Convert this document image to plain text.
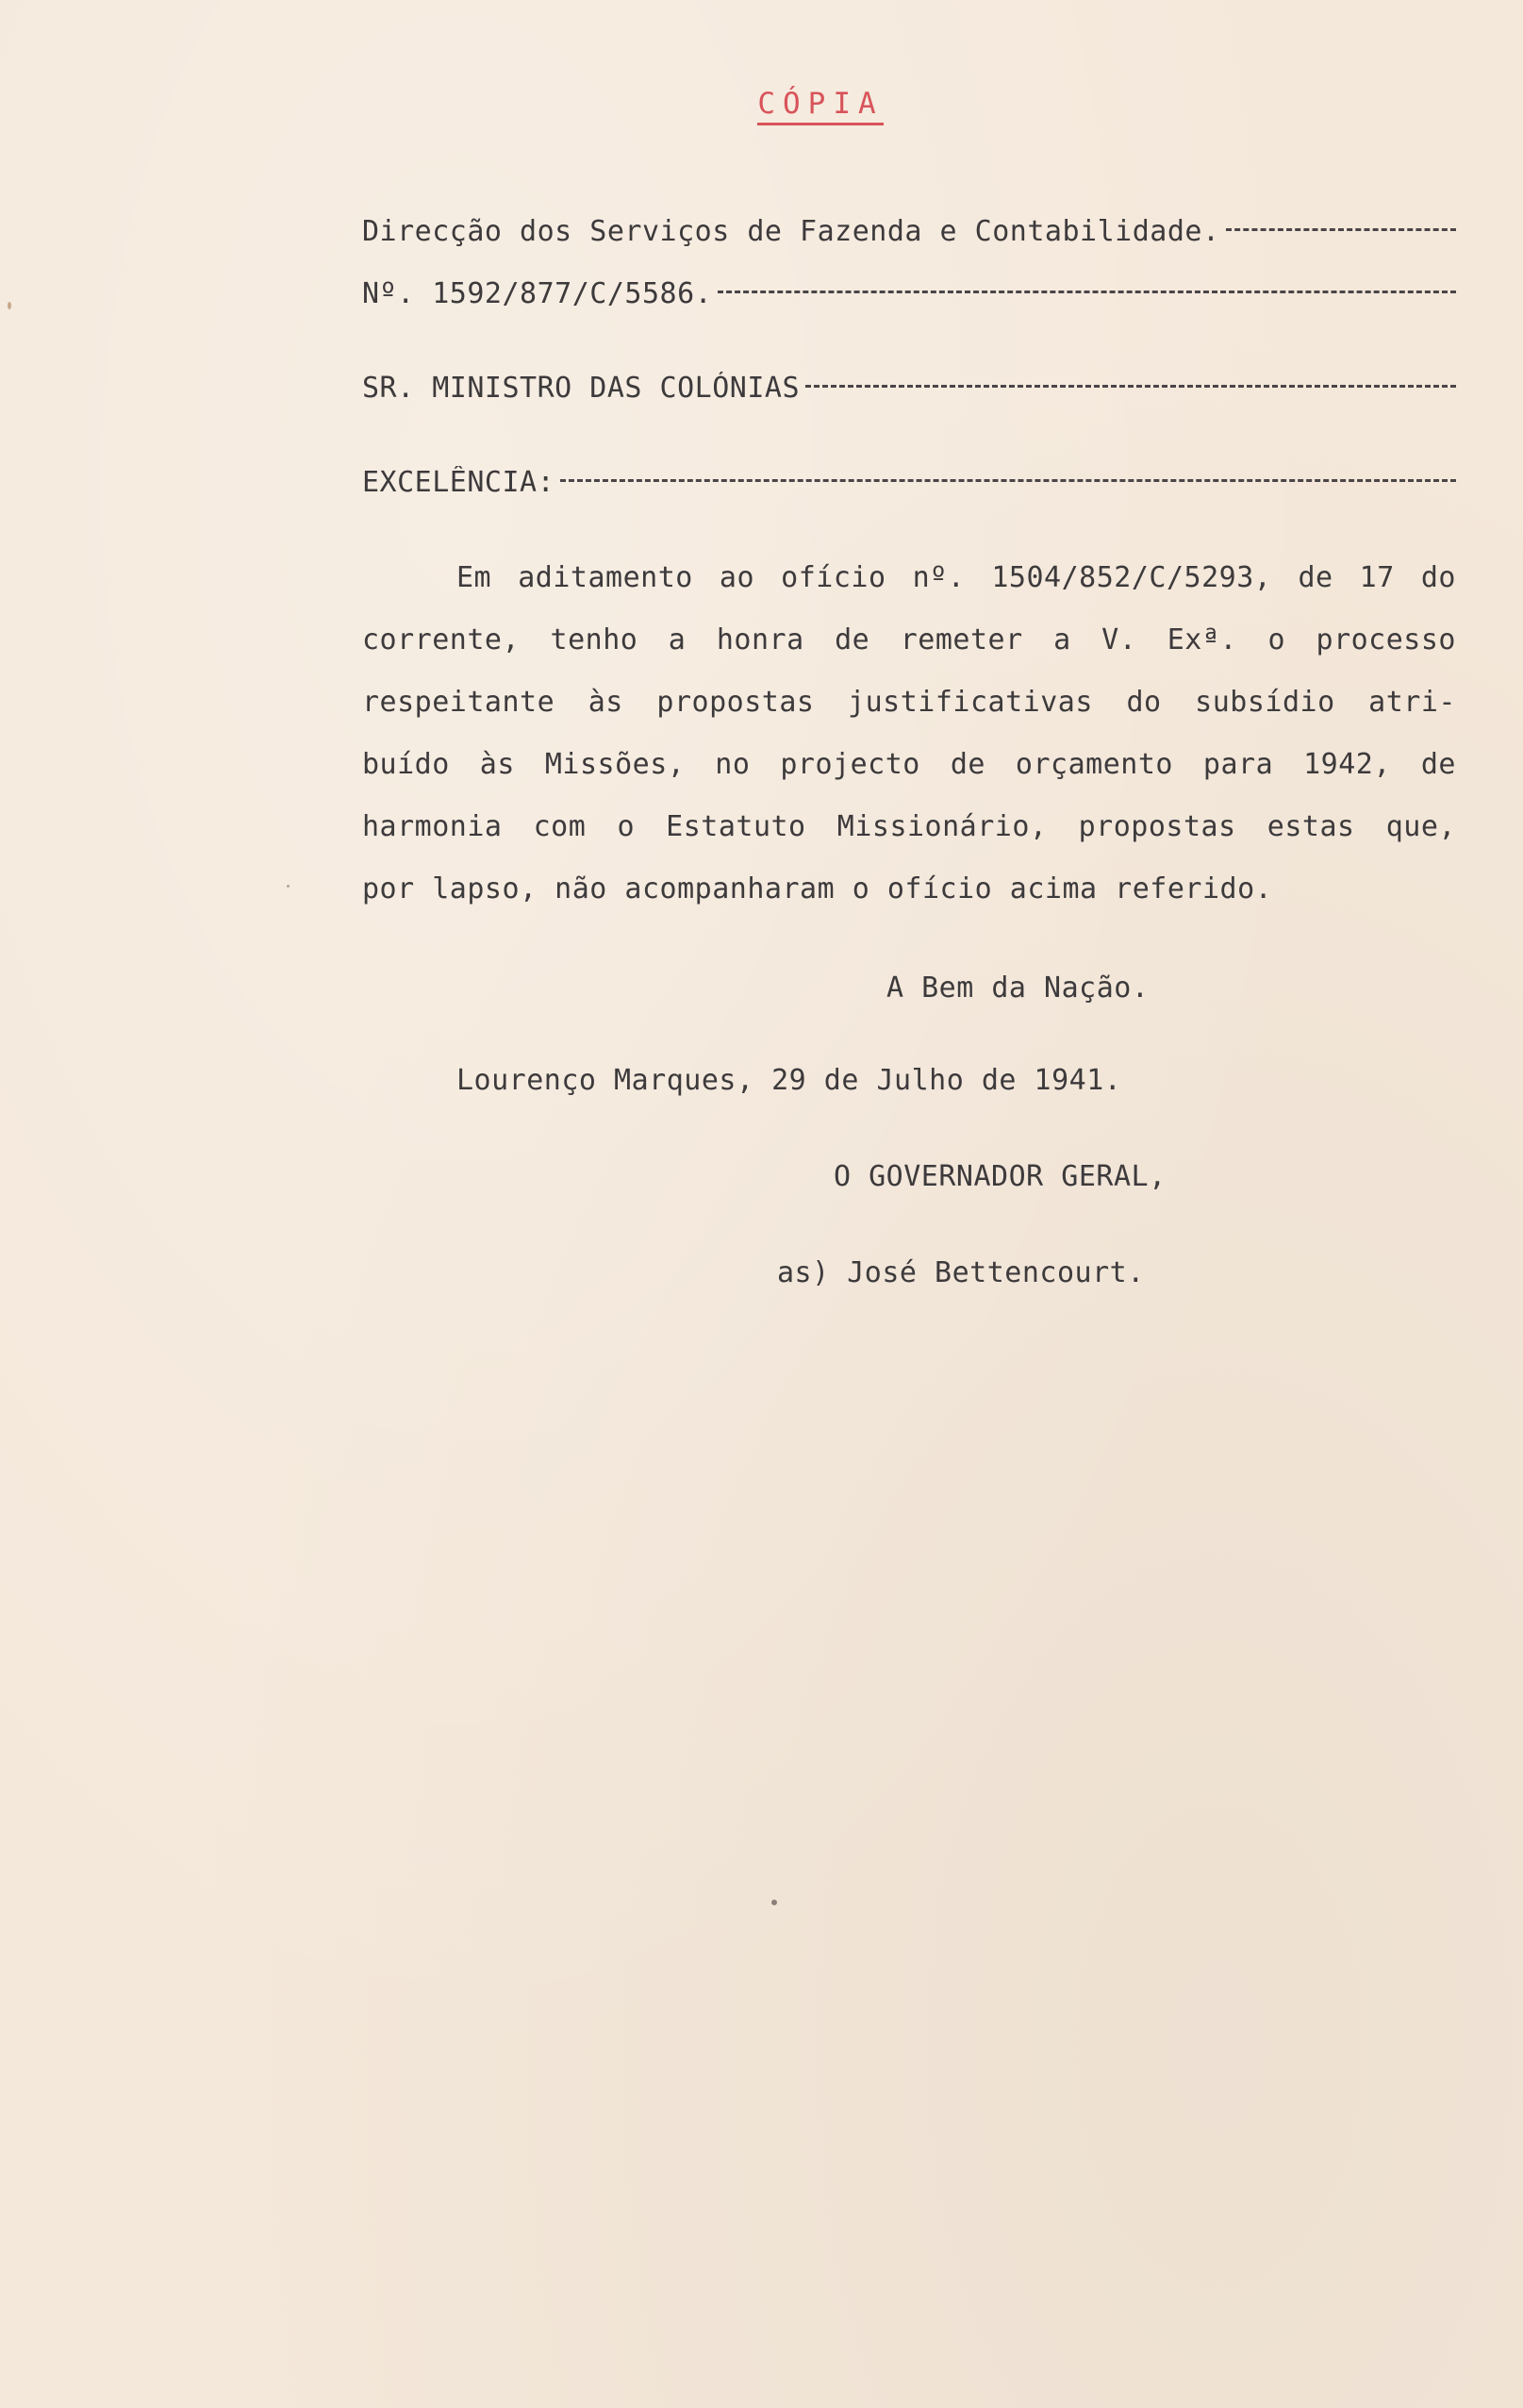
CÓPIA
Direcção dos Serviços de Fazenda e Contabilidade.
Nº. 1592/877/C/5586.
SR. MINISTRO DAS COLÓNIAS
EXCELÊNCIA:
Em aditamento ao ofício nº. 1504/852/C/5293, de 17 do
corrente, tenho a honra de remeter a V. Exª. o processo
respeitante às propostas justificativas do subsídio atri-
buído às Missões, no projecto de orçamento para 1942, de
harmonia com o Estatuto Missionário, propostas estas que,
por lapso, não acompanharam o ofício acima referido.
A Bem da Nação.
Lourenço Marques, 29 de Julho de 1941.
O GOVERNADOR GERAL,
as) José Bettencourt.
